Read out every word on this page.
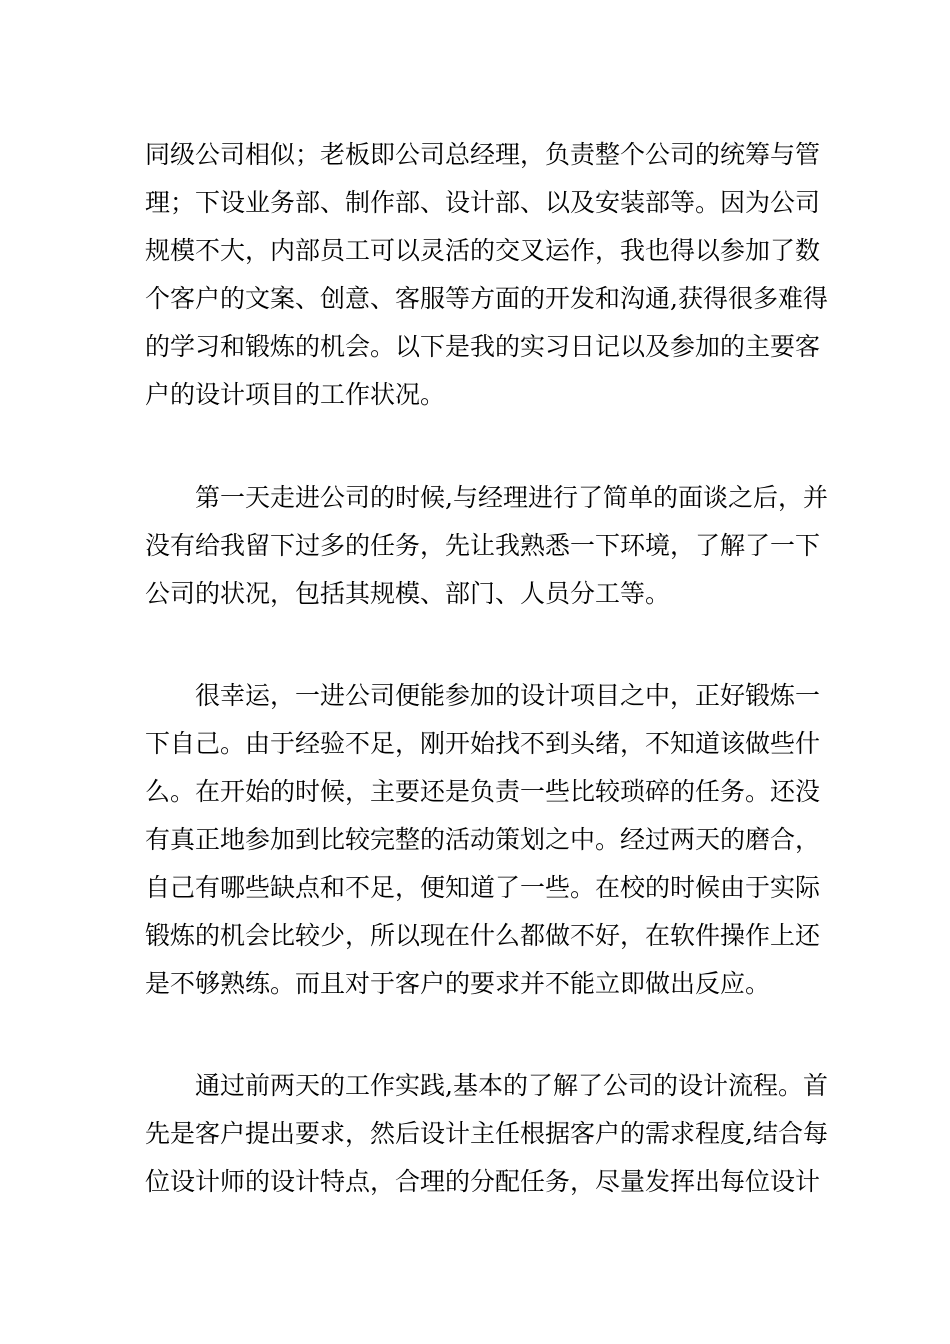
同级公司相似；老板即公司总经理，负责整个公司的统筹与管
理；下设业务部、制作部、设计部、以及安装部等。因为公司
规模不大，内部员工可以灵活的交叉运作，我也得以参加了数
个客户的文案、创意、客服等方面的开发和沟通,获得很多难得
的学习和锻炼的机会。以下是我的实习日记以及参加的主要客
户的设计项目的工作状况。

　　第一天走进公司的时候,与经理进行了简单的面谈之后，并
没有给我留下过多的任务，先让我熟悉一下环境，了解了一下
公司的状况，包括其规模、部门、人员分工等。

　　很幸运，一进公司便能参加的设计项目之中，正好锻炼一
下自己。由于经验不足，刚开始找不到头绪，不知道该做些什
么。在开始的时候，主要还是负责一些比较琐碎的任务。还没
有真正地参加到比较完整的活动策划之中。经过两天的磨合，
自己有哪些缺点和不足，便知道了一些。在校的时候由于实际
锻炼的机会比较少，所以现在什么都做不好，在软件操作上还
是不够熟练。而且对于客户的要求并不能立即做出反应。

　　通过前两天的工作实践,基本的了解了公司的设计流程。首
先是客户提出要求，然后设计主任根据客户的需求程度,结合每
位设计师的设计特点，合理的分配任务，尽量发挥出每位设计
